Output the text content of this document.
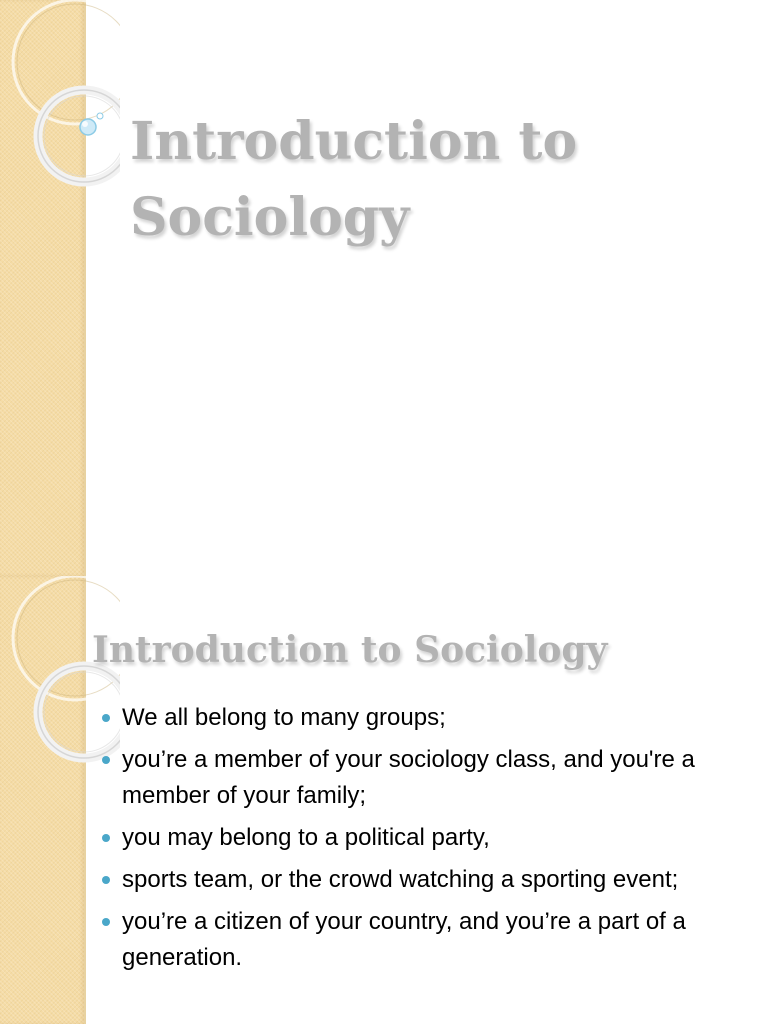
Introduction to Sociology
Introduction to Sociology
We all belong to many groups;
you’re a member of your sociology class, and you're a member of your family;
you may belong to a political party,
sports team, or the crowd watching a sporting event;
you’re a citizen of your country, and you’re a part of a generation.
